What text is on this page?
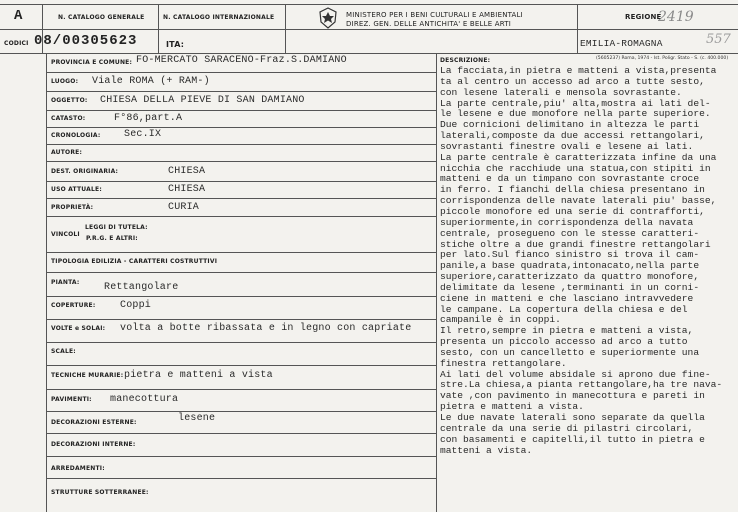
A
CODICI
N. CATALOGO GENERALE
08/00305623
N. CATALOGO INTERNAZIONALE
ITA:
MINISTERO PER I BENI CULTURALI E AMBIENTALI
DIREZ. GEN. DELLE ANTICHITA' E BELLE ARTI
REGIONE
2419
EMILIA-ROMAGNA	557
PROVINCIA E COMUNE: FO-MERCATO SARACENO-Fraz.S.DAMIANO
LUOGO: Viale ROMA (+ RAM-)
OGGETTO: CHIESA DELLA PIEVE DI SAN DAMIANO
CATASTO:	F°86,part.A
CRONOLOGIA: Sec.IX
AUTORE:
DEST. ORIGINARIA:	CHIESA
USO ATTUALE:	CHIESA
PROPRIETÀ:	CURIA
VINCOLI
LEGGI DI TUTELA:
P.R.G. E ALTRI:
TIPOLOGIA EDILIZIA - CARATTERI COSTRUTTIVI
PIANTA: Rettangolare
COPERTURE: Coppi
VOLTE e SOLAI: volta a botte ribassata e in legno con capriate
SCALE:
TECNICHE MURARIE: pietra e matteni a vista
PAVIMENTI: manecottura
DECORAZIONI ESTERNE:	lesene
DECORAZIONI INTERNE:
ARREDAMENTI:
STRUTTURE SOTTERRANEE:
DESCRIZIONE:	(5605237) Roma, 1974 - Ist. Poligr. Stato - S. (c. 400.000)
La facciata,in pietra e matteni a vista,presenta
ta al centro un accesso ad arco a tutte sesto,
con lesene laterali e mensola sovrastante.
La parte centrale,piu' alta,mostra ai lati del-
le lesene e due monofore nella parte superiore.
Due cornicioni delimitano in altezza le parti
laterali,composte da due accessi rettangolari,
sovrastanti finestre ovali e lesene ai lati.
La parte centrale è caratterizzata infine da una
nicchia che racchiude una statua,con stipiti in
matteni e da un timpano con sovrastante croce
in ferro. I fianchi della chiesa presentano in
corrispondenza delle navate laterali piu' basse,
piccole monofore ed una serie di contrafforti,
superiormente,in corrispondenza della navata
centrale, prosegueno con le stesse caratteri-
stiche oltre a due grandi finestre rettangolari
per lato.Sul fianco sinistro si trova il cam-
panile,a base quadrata,intonacato,nella parte
superiore,caratterizzato da quattro monofore,
delimitate da lesene ,terminanti in un corni-
ciene in matteni e che lasciano intravvedere
le campane. La copertura della chiesa e del
campanile è in coppi.
Il retro,sempre in pietra e matteni a vista,
presenta un piccolo accesso ad arco a tutto
sesto, con un cancelletto e superiormente una
finestra rettangolare.
Ai lati del volume absidale si aprono due fine-
stre.La chiesa,a pianta rettangolare,ha tre nava-
vate ,con pavimento in manecottura e pareti in
pietra e matteni a vista.
Le due navate laterali sono separate da quella
centrale da una serie di pilastri circolari,
con basamenti e capitelli,il tutto in pietra e
matteni a vista.
